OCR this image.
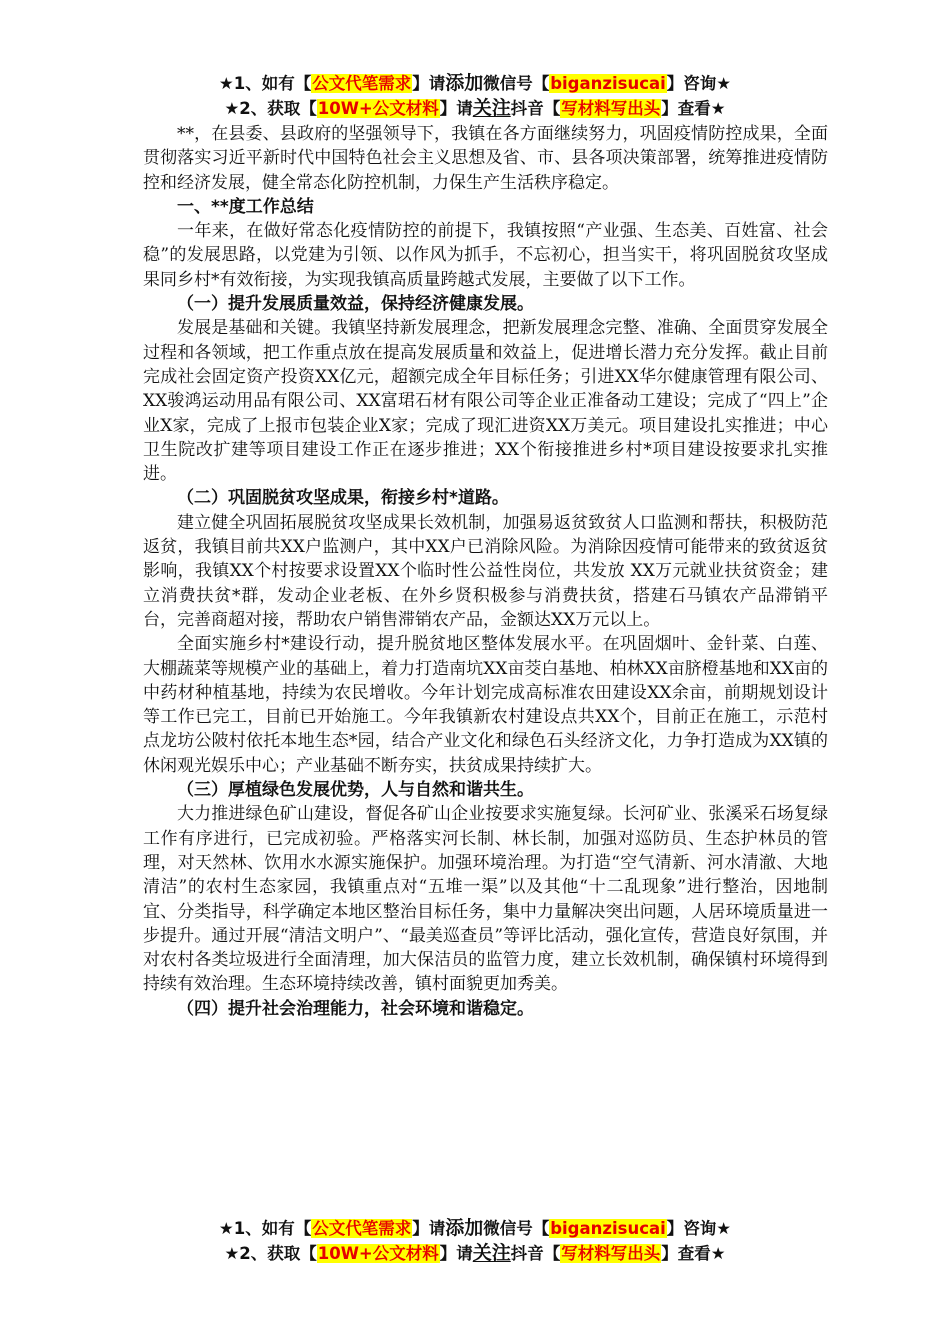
★1、如有【公文代笔需求】请添加微信号【biganzisucai】咨询★
★2、获取【10W+公文材料】请关注抖音【写材料写出头】查看★

**，在县委、县政府的坚强领导下，我镇在各方面继续努力，巩固疫情防控成果，全面贯彻落实习近平新时代中国特色社会主义思想及省、市、县各项决策部署，统筹推进疫情防控和经济发展，健全常态化防控机制，力保生产生活秩序稳定。

一、**度工作总结

一年来，在做好常态化疫情防控的前提下，我镇按照“产业强、生态美、百姓富、社会稳”的发展思路，以党建为引领、以作风为抓手，不忘初心，担当实干，将巩固脱贫攻坚成果同乡村*有效衔接，为实现我镇高质量跨越式发展，主要做了以下工作。

（一）提升发展质量效益，保持经济健康发展。

发展是基础和关键。我镇坚持新发展理念，把新发展理念完整、准确、全面贯穿发展全过程和各领域，把工作重点放在提高发展质量和效益上，促进增长潜力充分发挥。截止目前完成社会固定资产投资XX亿元，超额完成全年目标任务；引进XX华尔健康管理有限公司、XX骏鸿运动用品有限公司、XX富珺石材有限公司等企业正准备动工建设；完成了“四上”企业X家，完成了上报市包装企业X家；完成了现汇进资XX万美元。项目建设扎实推进；中心卫生院改扩建等项目建设工作正在逐步推进；XX个衔接推进乡村*项目建设按要求扎实推进。

（二）巩固脱贫攻坚成果，衔接乡村*道路。

建立健全巩固拓展脱贫攻坚成果长效机制，加强易返贫致贫人口监测和帮扶，积极防范返贫，我镇目前共XX户监测户，其中XX户已消除风险。为消除因疫情可能带来的致贫返贫影响，我镇XX个村按要求设置XX个临时性公益性岗位，共发放 XX万元就业扶贫资金；建立消费扶贫*群，发动企业老板、在外乡贤积极参与消费扶贫，搭建石马镇农产品滞销平台，完善商超对接，帮助农户销售滞销农产品，金额达XX万元以上。

全面实施乡村*建设行动，提升脱贫地区整体发展水平。在巩固烟叶、金针菜、白莲、大棚蔬菜等规模产业的基础上，着力打造南坑XX亩茭白基地、柏林XX亩脐橙基地和XX亩的中药材种植基地，持续为农民增收。今年计划完成高标准农田建设XX余亩，前期规划设计等工作已完工，目前已开始施工。今年我镇新农村建设点共XX个，目前正在施工，示范村点龙坊公陂村依托本地生态*园，结合产业文化和绿色石头经济文化，力争打造成为XX镇的休闲观光娱乐中心；产业基础不断夯实，扶贫成果持续扩大。

（三）厚植绿色发展优势，人与自然和谐共生。

大力推进绿色矿山建设，督促各矿山企业按要求实施复绿。长河矿业、张溪采石场复绿工作有序进行，已完成初验。严格落实河长制、林长制，加强对巡防员、生态护林员的管理，对天然林、饮用水水源实施保护。加强环境治理。为打造“空气清新、河水清澈、大地清洁”的农村生态家园，我镇重点对“五堆一渠”以及其他“十二乱现象”进行整治，因地制宜、分类指导，科学确定本地区整治目标任务，集中力量解决突出问题，人居环境质量进一步提升。通过开展“清洁文明户”、“最美巡查员”等评比活动，强化宣传，营造良好氛围，并对农村各类垃圾进行全面清理，加大保洁员的监管力度，建立长效机制，确保镇村环境得到持续有效治理。生态环境持续改善，镇村面貌更加秀美。

（四）提升社会治理能力，社会环境和谐稳定。

★1、如有【公文代笔需求】请添加微信号【biganzisucai】咨询★
★2、获取【10W+公文材料】请关注抖音【写材料写出头】查看★
